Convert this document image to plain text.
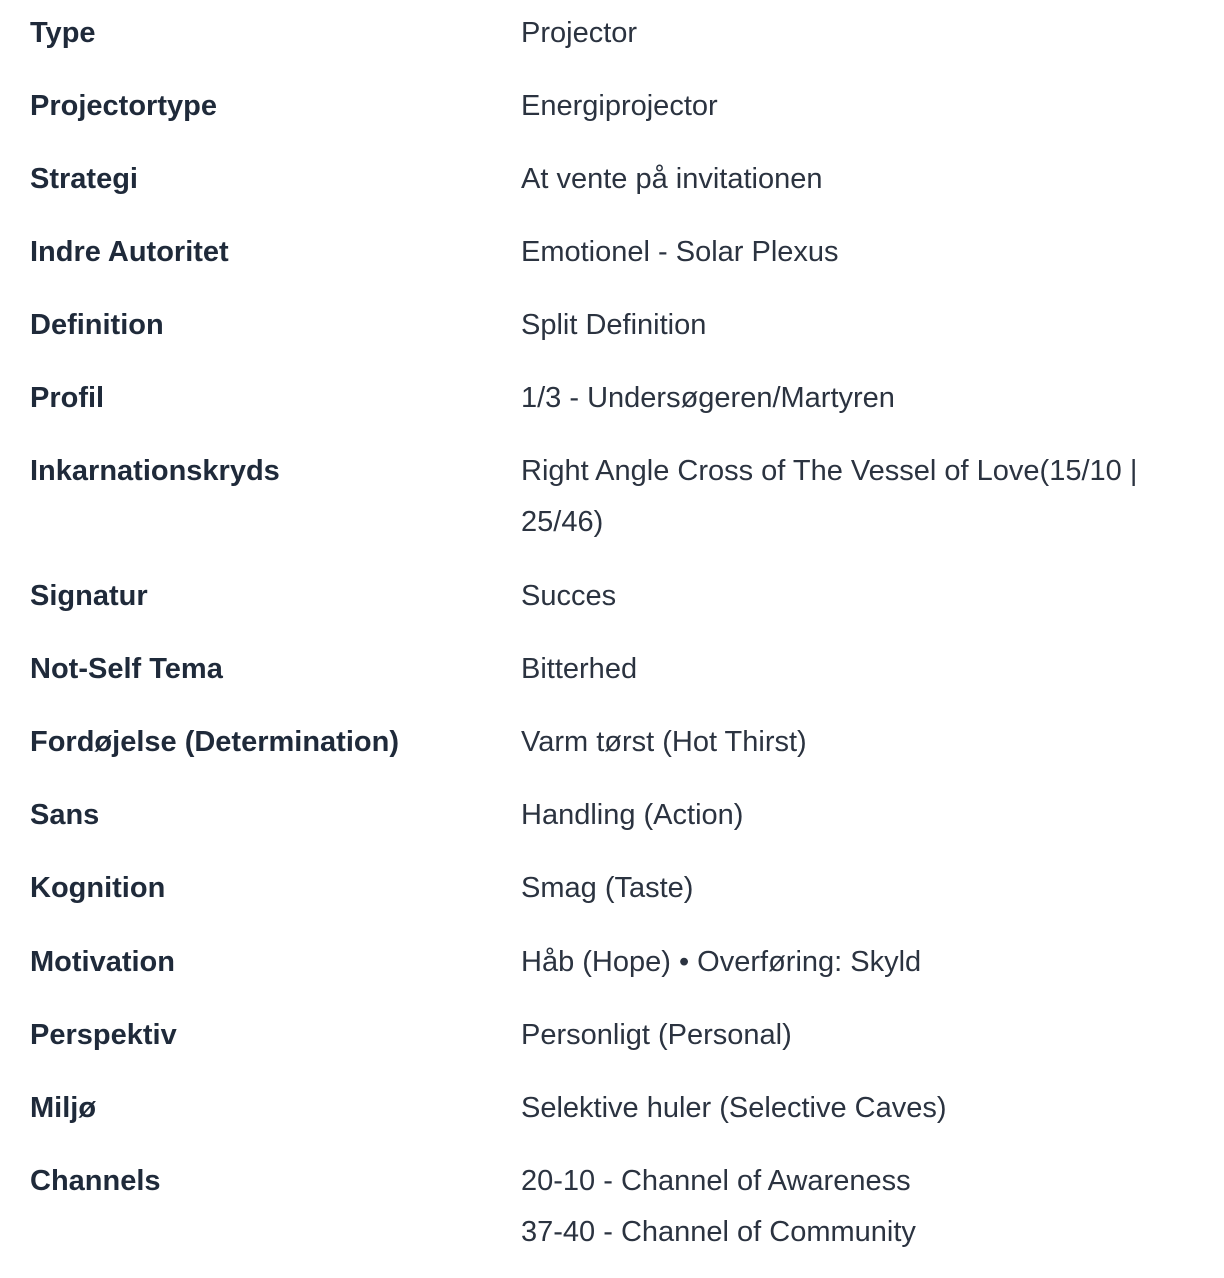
Type	Projector
Projectortype	Energiprojector
Strategi	At vente på invitationen
Indre Autoritet	Emotionel - Solar Plexus
Definition	Split Definition
Profil	1/3 - Undersøgeren/Martyren
Inkarnationskryds	Right Angle Cross of The Vessel of Love(15/10 |
25/46)
Signatur	Succes
Not-Self Tema	Bitterhed
Fordøjelse (Determination)	Varm tørst (Hot Thirst)
Sans	Handling (Action)
Kognition	Smag (Taste)
Motivation	Håb (Hope) • Overføring: Skyld
Perspektiv	Personligt (Personal)
Miljø	Selektive huler (Selective Caves)
Channels	20-10 - Channel of Awareness
37-40 - Channel of Community
